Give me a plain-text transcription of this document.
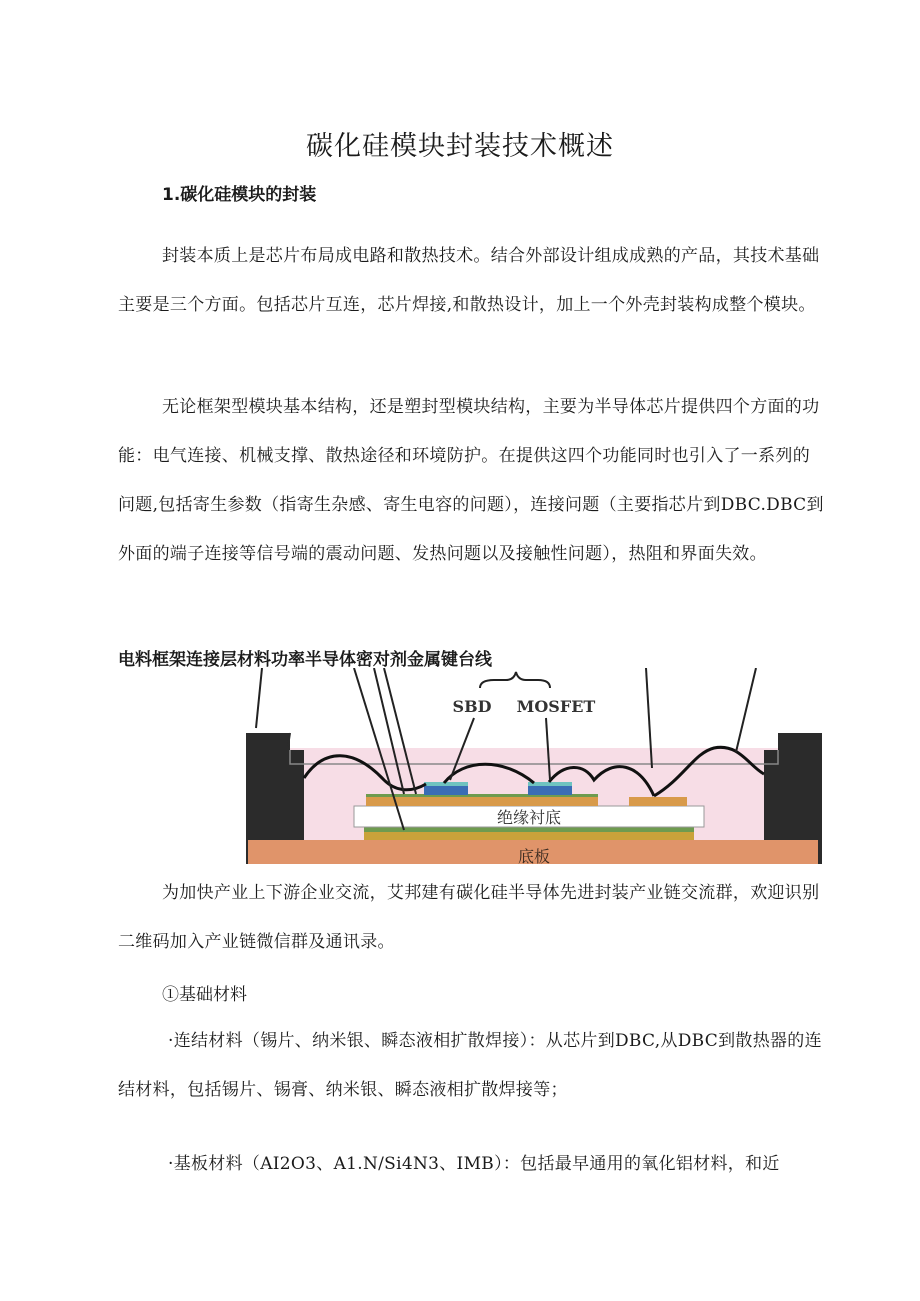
碳化硅模块封装技术概述
1.碳化硅模块的封装

封装本质上是芯片布局成电路和散热技术。结合外部设计组成成熟的产品，其技术基础主要是三个方面。包括芯片互连，芯片焊接,和散热设计，加上一个外壳封装构成整个模块。

无论框架型模块基本结构，还是塑封型模块结构，主要为半导体芯片提供四个方面的功能：电气连接、机械支撑、散热途径和环境防护。在提供这四个功能同时也引入了一系列的问题,包括寄生参数（指寄生杂感、寄生电容的问题），连接问题（主要指芯片到DBC.DBC到外面的端子连接等信号端的震动问题、发热问题以及接触性问题），热阻和界面失效。

电料框架连接层材料功率半导体密对剂金属键台线

底板
绝缘衬底
SBD MOSFET

为加快产业上下游企业交流，艾邦建有碳化硅半导体先进封装产业链交流群，欢迎识别二维码加入产业链微信群及通讯录。

①基础材料

·连结材料（锡片、纳米银、瞬态液相扩散焊接）：从芯片到DBC,从DBC到散热器的连结材料，包括锡片、锡膏、纳米银、瞬态液相扩散焊接等；

·基板材料（AI2O3、A1.N/Si4N3、IMB）：包括最早通用的氧化铝材料，和近
